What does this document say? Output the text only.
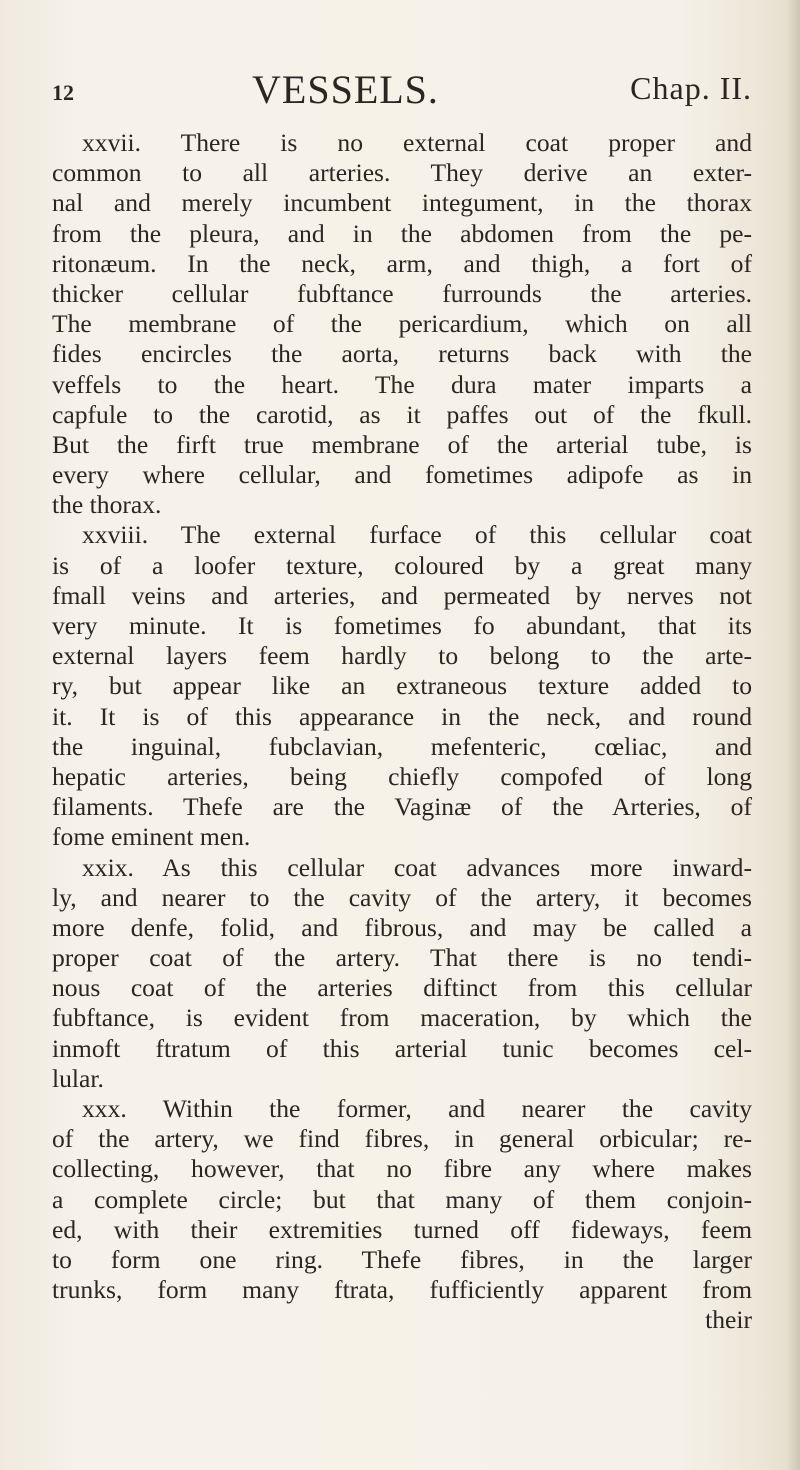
12	VESSELS.	Chap. II.
xxvii. There is no external coat proper and
common to all arteries. They derive an exter-
nal and merely incumbent integument, in the thorax
from the pleura, and in the abdomen from the pe-
ritonæum. In the neck, arm, and thigh, a fort of
thicker cellular fubftance furrounds the arteries.
The membrane of the pericardium, which on all
fides encircles the aorta, returns back with the
veffels to the heart. The dura mater imparts a
capfule to the carotid, as it paffes out of the fkull.
But the firft true membrane of the arterial tube, is
every where cellular, and fometimes adipofe as in
the thorax.
xxviii. The external furface of this cellular coat
is of a loofer texture, coloured by a great many
fmall veins and arteries, and permeated by nerves not
very minute. It is fometimes fo abundant, that its
external layers feem hardly to belong to the arte-
ry, but appear like an extraneous texture added to
it. It is of this appearance in the neck, and round
the inguinal, fubclavian, mefenteric, cœliac, and
hepatic arteries, being chiefly compofed of long
filaments. Thefe are the Vaginæ of the Arteries, of
fome eminent men.
xxix. As this cellular coat advances more inward-
ly, and nearer to the cavity of the artery, it becomes
more denfe, folid, and fibrous, and may be called a
proper coat of the artery. That there is no tendi-
nous coat of the arteries diftinct from this cellular
fubftance, is evident from maceration, by which the
inmoft ftratum of this arterial tunic becomes cel-
lular.
xxx. Within the former, and nearer the cavity
of the artery, we find fibres, in general orbicular; re-
collecting, however, that no fibre any where makes
a complete circle; but that many of them conjoin-
ed, with their extremities turned off fideways, feem
to form one ring. Thefe fibres, in the larger
trunks, form many ftrata, fufficiently apparent from
their
